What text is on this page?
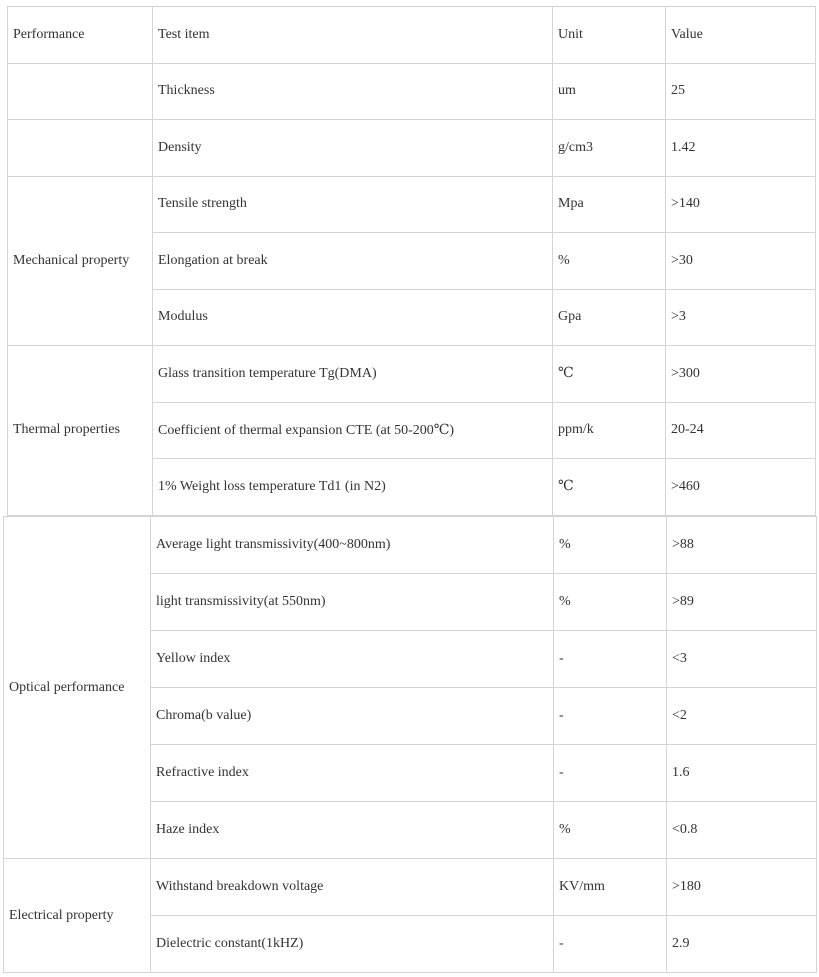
Performance	Test item	Unit	Value
	Thickness	um	25
	Density	g/cm3	1.42
Mechanical property	Tensile strength	Mpa	>140
	Elongation at break	%	>30
	Modulus	Gpa	>3
Thermal properties	Glass transition temperature Tg(DMA)	℃	>300
	Coefficient of thermal expansion CTE (at 50-200℃)	ppm/k	20-24
	1% Weight loss temperature Td1 (in N2)	℃	>460
Optical performance	Average light transmissivity(400~800nm)	%	>88
	light transmissivity(at 550nm)	%	>89
	Yellow index	-	<3
	Chroma(b value)	-	<2
	Refractive index	-	1.6
	Haze index	%	<0.8
Electrical property	Withstand breakdown voltage	KV/mm	>180
	Dielectric constant(1kHZ)	-	2.9
